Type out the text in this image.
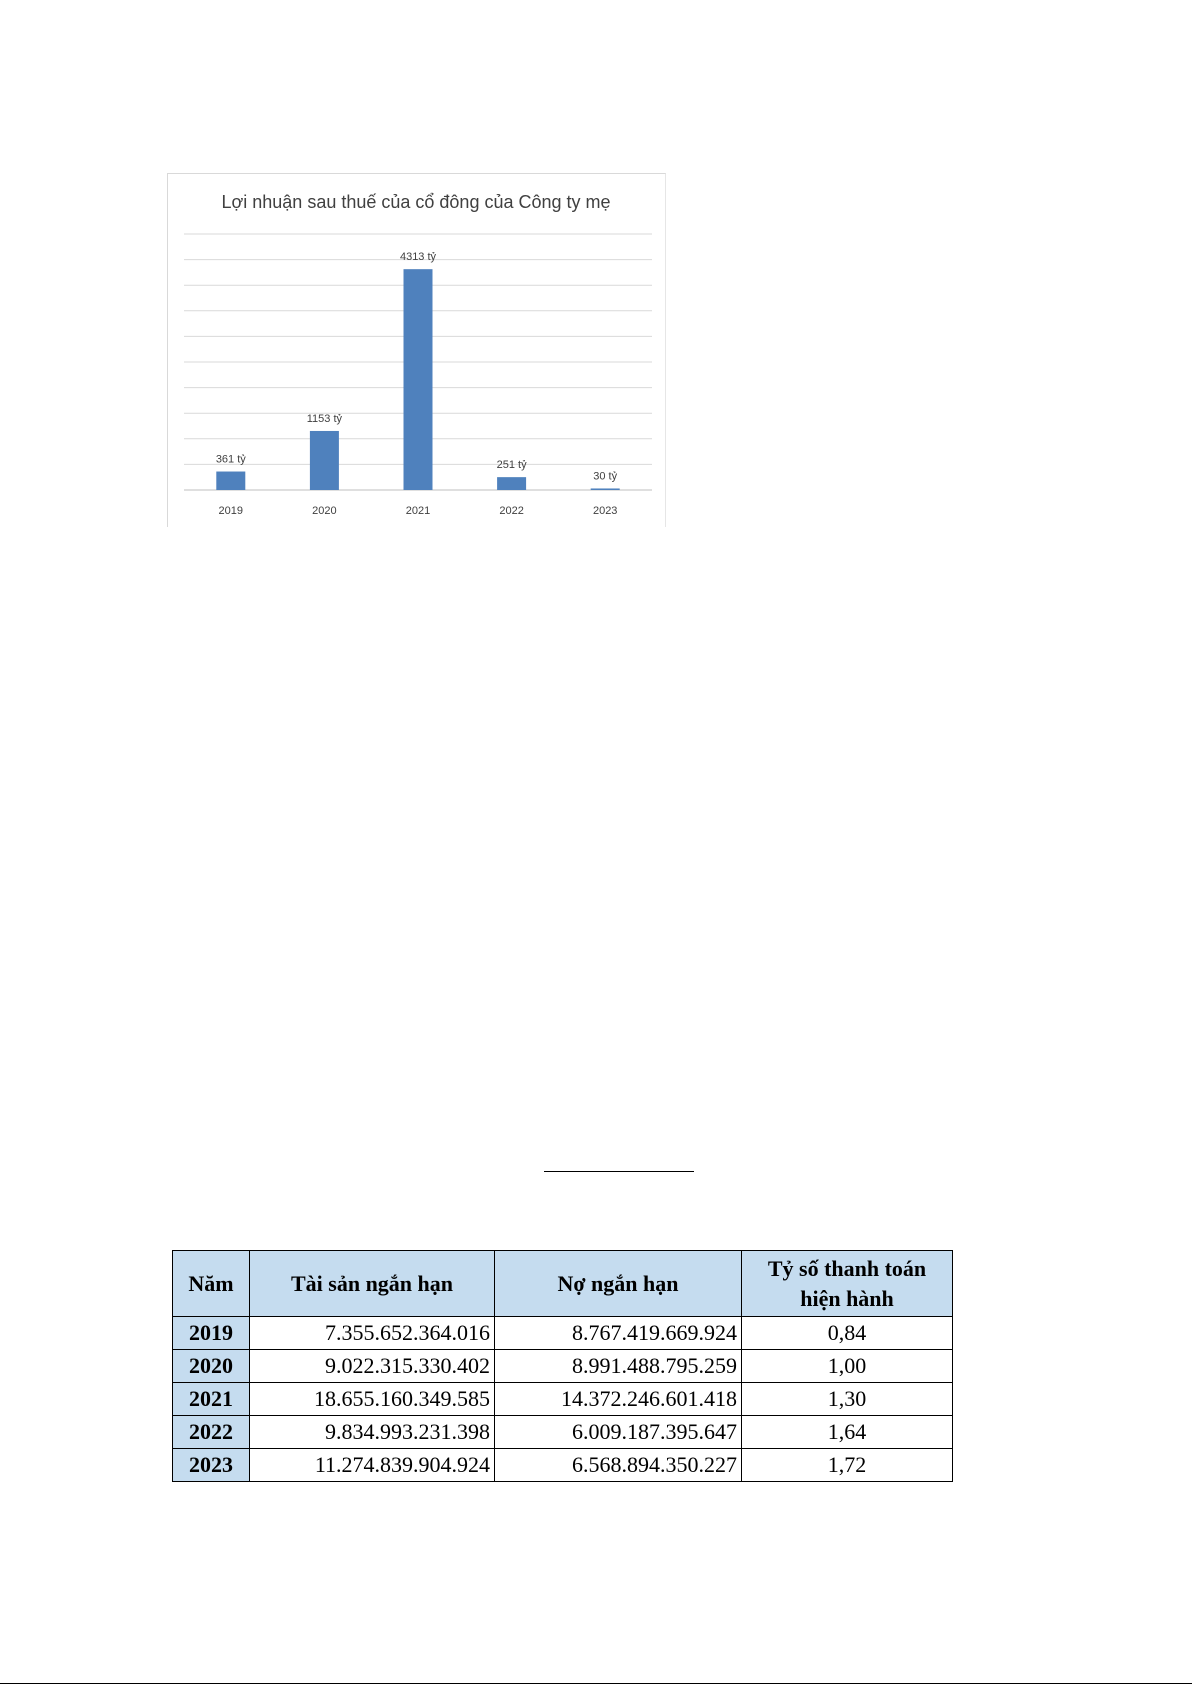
Lợi nhuận sau thuế của cổ đông của Công ty mẹ
361 tỷ
1153 tỷ
4313 tỷ
251 tỷ
30 tỷ
2019	2020	2021	2022	2023
Năm	Tài sản ngắn hạn	Nợ ngắn hạn	Tỷ số thanh toán hiện hành
2019	7.355.652.364.016	8.767.419.669.924	0,84
2020	9.022.315.330.402	8.991.488.795.259	1,00
2021	18.655.160.349.585	14.372.246.601.418	1,30
2022	9.834.993.231.398	6.009.187.395.647	1,64
2023	11.274.839.904.924	6.568.894.350.227	1,72
